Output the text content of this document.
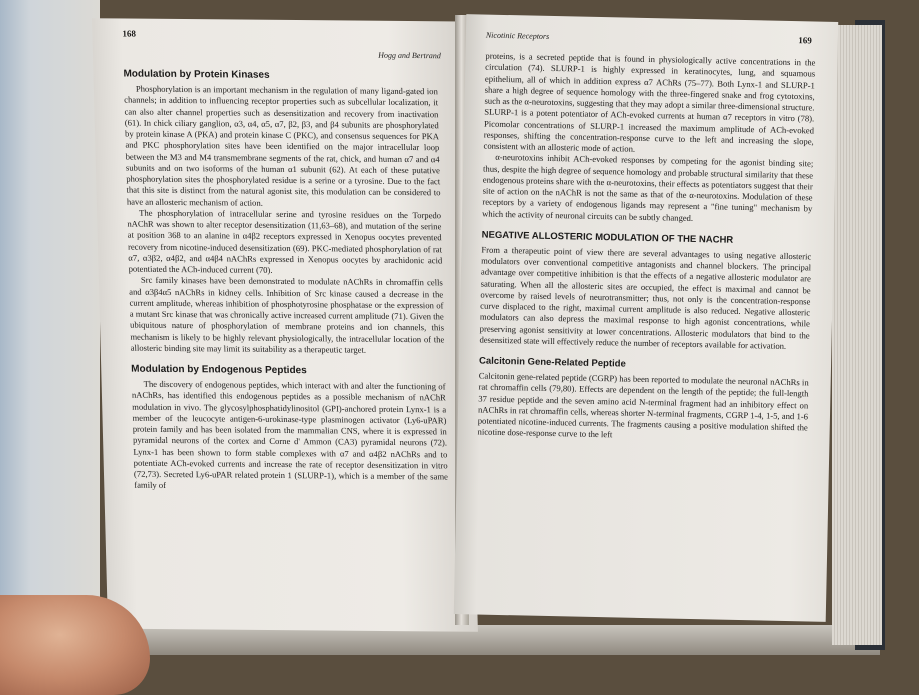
168
Hogg and Bertrand
Modulation by Protein Kinases

Phosphorylation is an important mechanism in the regulation of many ligand-gated ion channels; in addition to influencing receptor properties such as subcellular localization, it can also alter channel properties such as desensitization and recovery from inactivation (61). In chick ciliary ganglion, α3, α4, α5, α7, β2, β3, and β4 subunits are phosphorylated by protein kinase A (PKA) and protein kinase C (PKC), and consensus sequences for PKA and PKC phosphorylation sites have been identified on the major intracellular loop between the M3 and M4 transmembrane segments of the rat, chick, and human α7 and α4 subunits and on two isoforms of the human α1 subunit (62). At each of these putative phosphorylation sites the phosphorylated residue is a serine or a tyrosine. Due to the fact that this site is distinct from the natural agonist site, this modulation can be considered to have an allosteric mechanism of action.

The phosphorylation of intracellular serine and tyrosine residues on the Torpedo nAChR was shown to alter receptor desensitization (11,63–68), and mutation of the serine at position 368 to an alanine in α4β2 receptors expressed in Xenopus oocytes prevented recovery from nicotine-induced desensitization (69). PKC-mediated phosphorylation of rat α7, α3β2, α4β2, and α4β4 nAChRs expressed in Xenopus oocytes by arachidonic acid potentiated the ACh-induced current (70).

Src family kinases have been demonstrated to modulate nAChRs in chromaffin cells and α3β4α5 nAChRs in kidney cells. Inhibition of Src kinase caused a decrease in the current amplitude, whereas inhibition of phosphotyrosine phosphatase or the expression of a mutant Src kinase that was chronically active increased current amplitude (71). Given the ubiquitous nature of phosphorylation of membrane proteins and ion channels, this mechanism is likely to be highly relevant physiologically, the intracellular location of the allosteric binding site may limit its suitability as a therapeutic target.

Modulation by Endogenous Peptides

The discovery of endogenous peptides, which interact with and alter the functioning of nAChRs, has identified this endogenous peptides as a possible mechanism of nAChR modulation in vivo. The glycosylphosphatidylinositol (GPI)-anchored protein Lynx-1 is a member of the leucocyte antigen-6-urokinase-type plasminogen activator (Ly6-uPAR) protein family and has been isolated from the mammalian CNS, where it is expressed in pyramidal neurons of the cortex and Corne d' Ammon (CA3) pyramidal neurons (72). Lynx-1 has been shown to form stable complexes with α7 and α4β2 nAChRs and to potentiate ACh-evoked currents and increase the rate of receptor desensitization in vitro (72,73). Secreted Ly6-uPAR related protein 1 (SLURP-1), which is a member of the same family of

Nicotinic Receptors	169

proteins, is a secreted peptide that is found in physiologically active concentrations in the circulation (74). SLURP-1 is highly expressed in keratinocytes, lung, and squamous epithelium, all of which in addition express α7 AChRs (75–77). Both Lynx-1 and SLURP-1 share a high degree of sequence homology with the three-fingered snake and frog cytotoxins, such as the α-neurotoxins, suggesting that they may adopt a similar three-dimensional structure. SLURP-1 is a potent potentiator of ACh-evoked currents at human α7 receptors in vitro (78). Picomolar concentrations of SLURP-1 increased the maximum amplitude of ACh-evoked responses, shifting the concentration-response curve to the left and increasing the slope, consistent with an allosteric mode of action.

α-neurotoxins inhibit ACh-evoked responses by competing for the agonist binding site; thus, despite the high degree of sequence homology and probable structural similarity that these endogenous proteins share with the α-neurotoxins, their effects as potentiators suggest that their site of action on the nAChR is not the same as that of the α-neurotoxins. Modulation of these receptors by a variety of endogenous ligands may represent a "fine tuning" mechanism by which the activity of neuronal circuits can be subtly changed.

NEGATIVE ALLOSTERIC MODULATION OF THE NACHR

From a therapeutic point of view there are several advantages to using negative allosteric modulators over conventional competitive antagonists and channel blockers. The principal advantage over competitive inhibition is that the effects of a negative allosteric modulator are saturating. When all the allosteric sites are occupied, the effect is maximal and cannot be overcome by raised levels of neurotransmitter; thus, not only is the concentration-response curve displaced to the right, maximal current amplitude is also reduced. Negative allosteric modulators can also depress the maximal response to high agonist concentrations, while preserving agonist sensitivity at lower concentrations. Allosteric modulators that bind to the desensitized state will effectively reduce the number of receptors available for activation.

Calcitonin Gene-Related Peptide

Calcitonin gene-related peptide (CGRP) has been reported to modulate the neuronal nAChRs in rat chromaffin cells (79,80). Effects are dependent on the length of the peptide; the full-length 37 residue peptide and the seven amino acid N-terminal fragment had an inhibitory effect on nAChRs in rat chromaffin cells, whereas shorter N-terminal fragments, CGRP 1-4, 1-5, and 1-6 potentiated nicotine-induced currents. The fragments causing a positive modulation shifted the nicotine dose-response curve to the left
